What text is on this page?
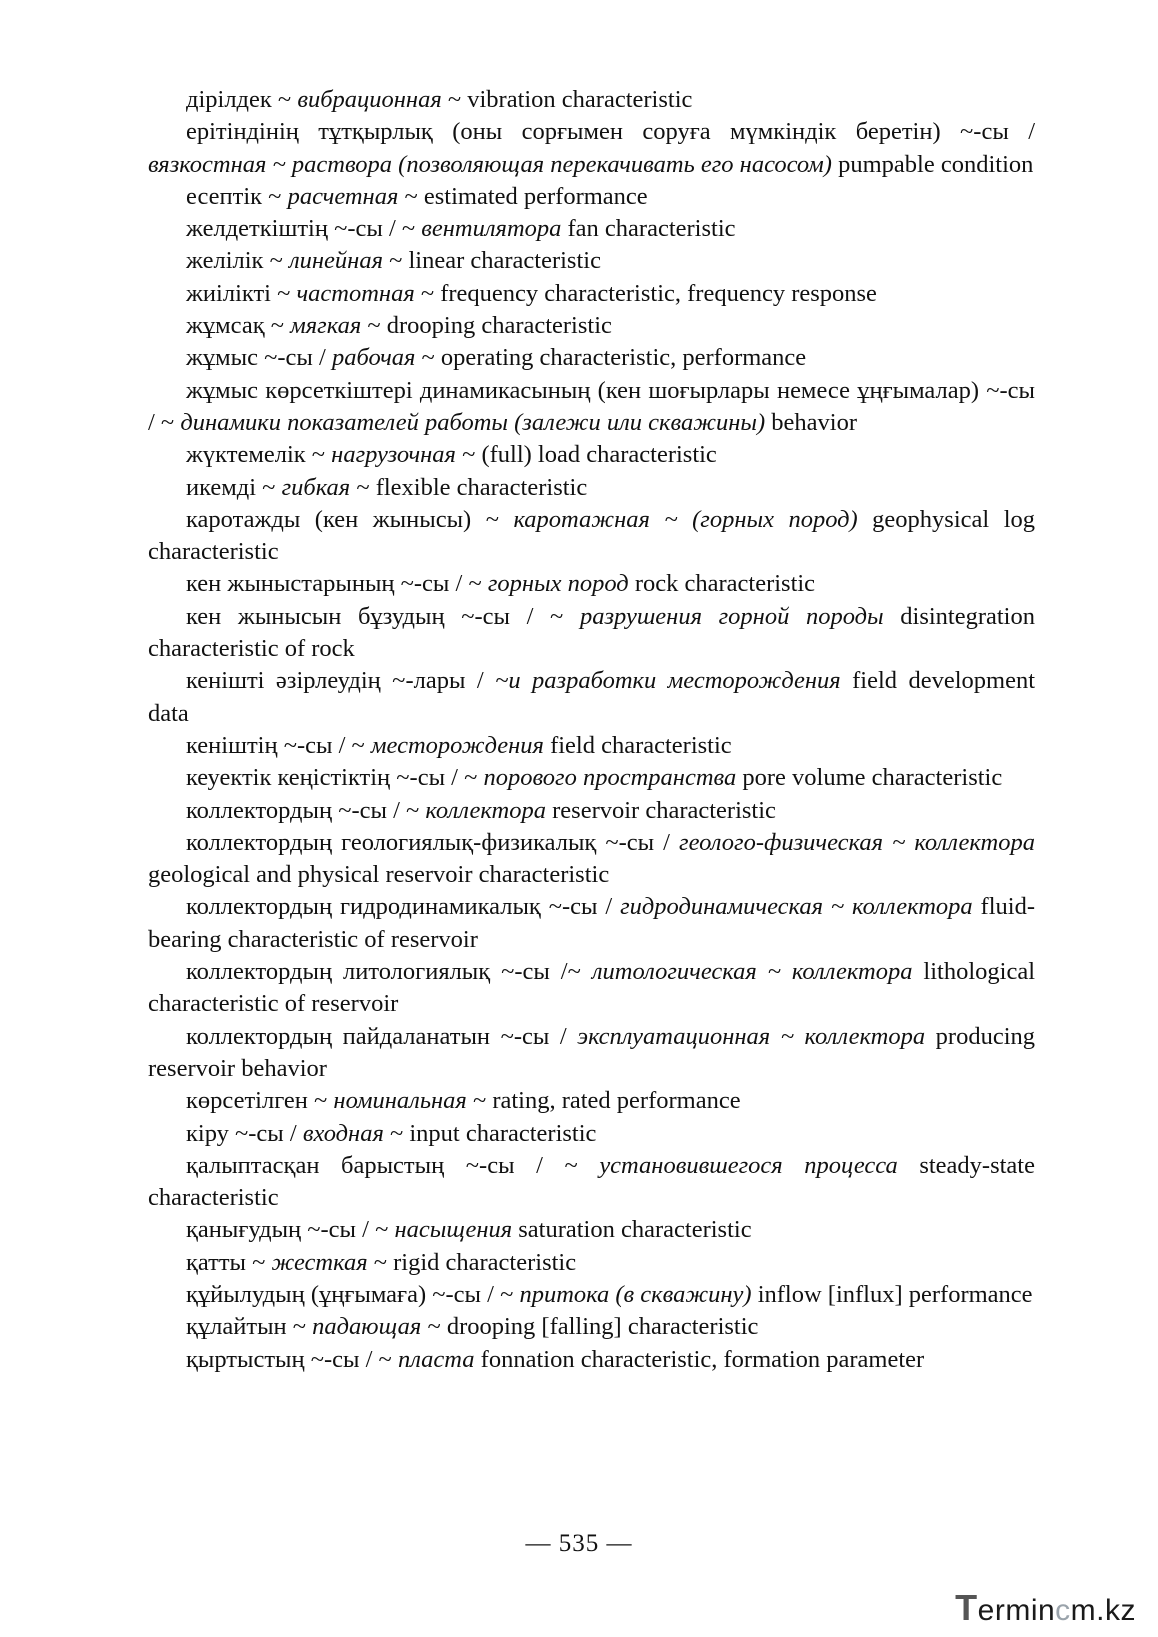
дірілдек ~ вибрационная ~ vibration characteristic

ерітіндінің тұтқырлық (оны сорғымен соруға мүмкіндік беретін) ~-сы / вязкостная ~ раствора (позволяющая перекачивать его насосом) pumpable condition

есептік ~ расчетная ~ estimated performance

желдеткіштің ~-сы / ~ вентилятора fan characteristic

желілік ~ линейная ~ linear characteristic

жиілікті ~ частотная ~ frequency characteristic, frequency response

жұмсақ ~ мягкая ~ drooping characteristic

жұмыс ~-сы / рабочая ~ operating characteristic, performance

жұмыс көрсеткіштері динамикасының (кен шоғырлары немесе ұңғымалар) ~-сы / ~ динамики показателей работы (залежи или скважины) behavior

жүктемелік ~ нагрузочная ~ (full) load characteristic

икемді ~ гибкая ~ flexible characteristic

каротажды (кен жынысы) ~ каротажная ~ (горных пород) geophysical log characteristic

кен жыныстарының ~-сы / ~ горных пород rock characteristic

кен жынысын бұзудың ~-сы / ~ разрушения горной породы disintegration characteristic of rock

кеніштi әзірлеудің ~-лары / ~и разработки месторождения field development data

кеніштің ~-сы / ~ месторождения field characteristic

кеуектік кеңістіктің ~-сы / ~ порового пространства pore volume characteristic

коллектордың ~-сы / ~ коллектора reservoir characteristic

коллектордың геологиялық-физикалық ~-сы / геолого-физическая ~ коллектора geological and physical reservoir characteristic

коллектордың гидродинамикалық ~-сы / гидродинамическая ~ коллектора fluid-bearing characteristic of reservoir

коллектордың литологиялық ~-сы /~ литологическая ~ коллектора lithological characteristic of reservoir

коллектордың пайдаланатын ~-сы / эксплуатационная ~ коллектора producing reservoir behavior

көрсетілген ~ номинальная ~ rating, rated performance

кіру ~-сы / входная ~ input characteristic

қалыптасқан барыстың ~-сы / ~ установившегося процесса steady-state characteristic

қанығудың ~-сы / ~ насыщения saturation characteristic

қатты ~ жесткая ~ rigid characteristic

құйылудың (ұңғымаға) ~-сы / ~ притока (в скважину) inflow [influx] performance

құлайтын ~ падающая ~ drooping [falling] characteristic

қыртыстың ~-сы / ~ пласта fonnation characteristic, formation parameter

— 535 —
Termincm.kz
